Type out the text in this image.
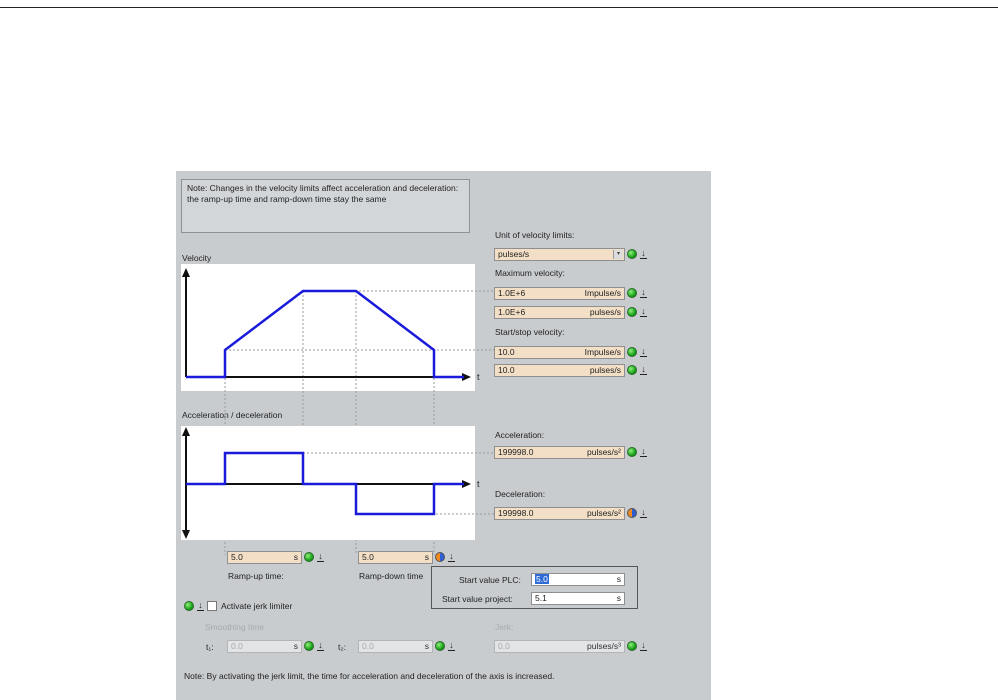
Note: Changes in the velocity limits affect acceleration and deceleration: the ramp-up time and ramp-down time stay the same
Velocity
Acceleration / deceleration
t
t
Unit of velocity limits:
pulses/s	▾
↓
Maximum velocity:
1.0E+6	Impulse/s
↓
1.0E+6	pulses/s
↓
Start/stop velocity:
10.0	Impulse/s
↓
10.0	pulses/s
↓
Acceleration:
199998.0	pulses/s²
↓
Deceleration:
199998.0	pulses/s²
↓
5.0	s
↓
Ramp-up time:
5.0	s
↓
Ramp-down time	Start value PLC: 5.0	s
Start value project:	5.1	s
↓
Activate jerk limiter
Smoothing time
t₁: 0.0	s
↓	t₂: 0.0	s
↓
Jerk:
0.0	pulses/s³
↓
Note: By activating the jerk limit, the time for acceleration and deceleration of the axis is increased.
